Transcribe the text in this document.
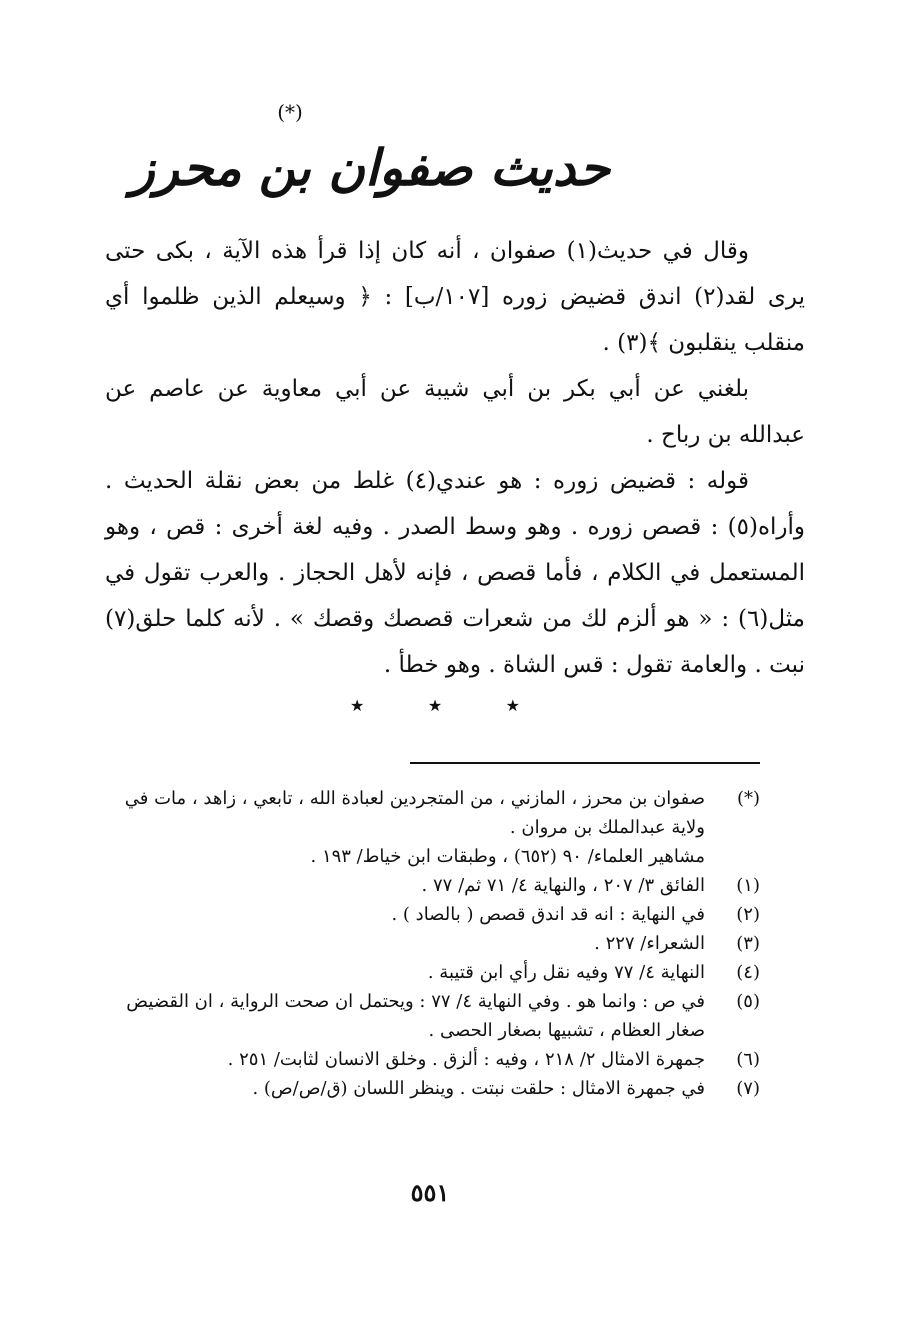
(*)
حديث صفوان بن محرز

وقال في حديث(١) صفوان ، أنه كان إذا قرأ هذه الآية ، بكى حتى يرى لقد(٢) اندق قضيض زوره [١٠٧/ب] : ﴿ وسيعلم الذين ظلموا أي منقلب ينقلبون ﴾(٣) .

بلغني عن أبي بكر بن أبي شيبة عن أبي معاوية عن عاصم عن عبدالله بن رباح .

قوله : قضيض زوره : هو عندي(٤) غلط من بعض نقلة الحديث . وأراه(٥) : قصص زوره . وهو وسط الصدر . وفيه لغة أخرى : قص ، وهو المستعمل في الكلام ، فأما قصص ، فإنه لأهل الحجاز . والعرب تقول في مثل(٦) : « هو ألزم لك من شعرات قصصك وقصك » . لأنه كلما حلق(٧) نبت . والعامة تقول : قس الشاة . وهو خطأ .

★	★	★
(*)
صفوان بن محرز ، المازني ، من المتجردين لعبادة الله ، تابعي ، زاهد ، مات في ولاية عبدالملك بن مروان .
مشاهير العلماء/ ٩٠ (٦٥٢) ، وطبقات ابن خياط/ ١٩٣ .
(١)
الفائق ٣/ ٢٠٧ ، والنهاية ٤/ ٧١ ثم/ ٧٧ .
(٢)
في النهاية : انه قد اندق قصص ( بالصاد ) .
(٣)
الشعراء/ ٢٢٧ .
(٤)
النهاية ٤/ ٧٧ وفيه نقل رأي ابن قتيبة .
(٥)
في ص : وانما هو . وفي النهاية ٤/ ٧٧ : ويحتمل ان صحت الرواية ، ان القضيض صغار العظام ، تشبيها بصغار الحصى .
(٦)
جمهرة الامثال ٢/ ٢١٨ ، وفيه : ألزق . وخلق الانسان لثابت/ ٢٥١ .
(٧)
في جمهرة الامثال : حلقت نبتت . وينظر اللسان (ق/ص/ص) .
٥٥١
